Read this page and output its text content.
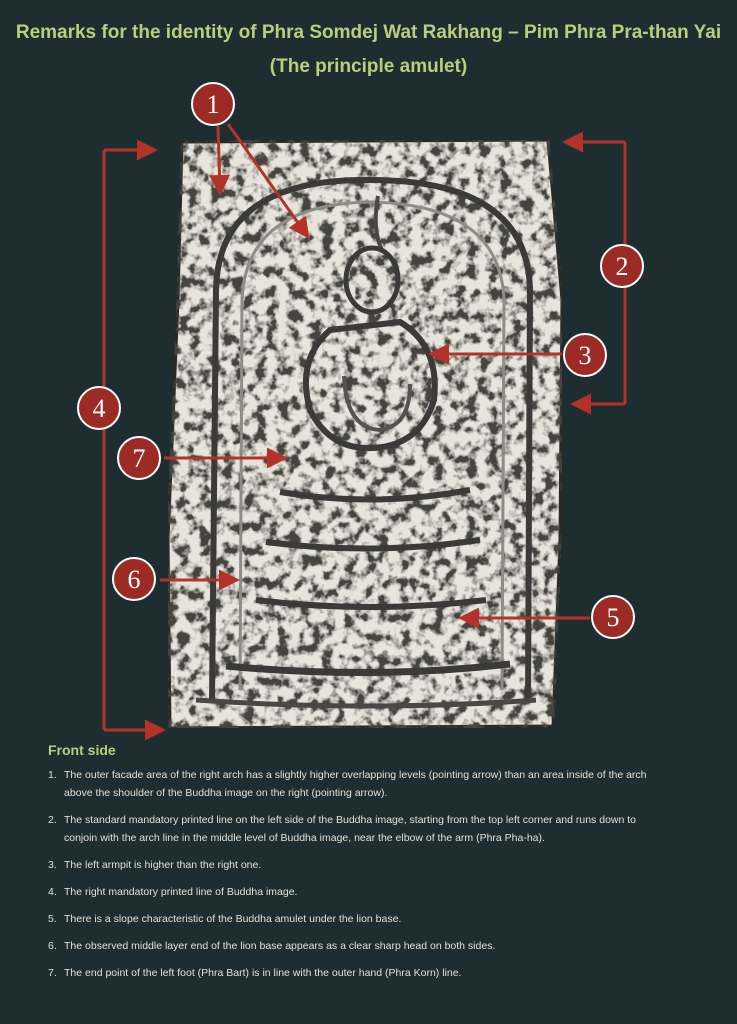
Remarks for the identity of Phra Somdej Wat Rakhang – Pim Phra Pra-than Yai
(The principle amulet)
1
2
3
4
5
6
7
Front side
1. The outer facade area of the right arch has a slightly higher overlapping levels (pointing arrow) than an area inside of the arch above the shoulder of the Buddha image on the right (pointing arrow).
2. The standard mandatory printed line on the left side of the Buddha image, starting from the top left corner and runs down to conjoin with the arch line in the middle level of Buddha image, near the elbow of the arm (Phra Pha-ha).
3. The left armpit is higher than the right one.
4. The right mandatory printed line of Buddha image.
5. There is a slope characteristic of the Buddha amulet under the lion base.
6. The observed middle layer end of the lion base appears as a clear sharp head on both sides.
7. The end point of the left foot (Phra Bart) is in line with the outer hand (Phra Korn) line.
